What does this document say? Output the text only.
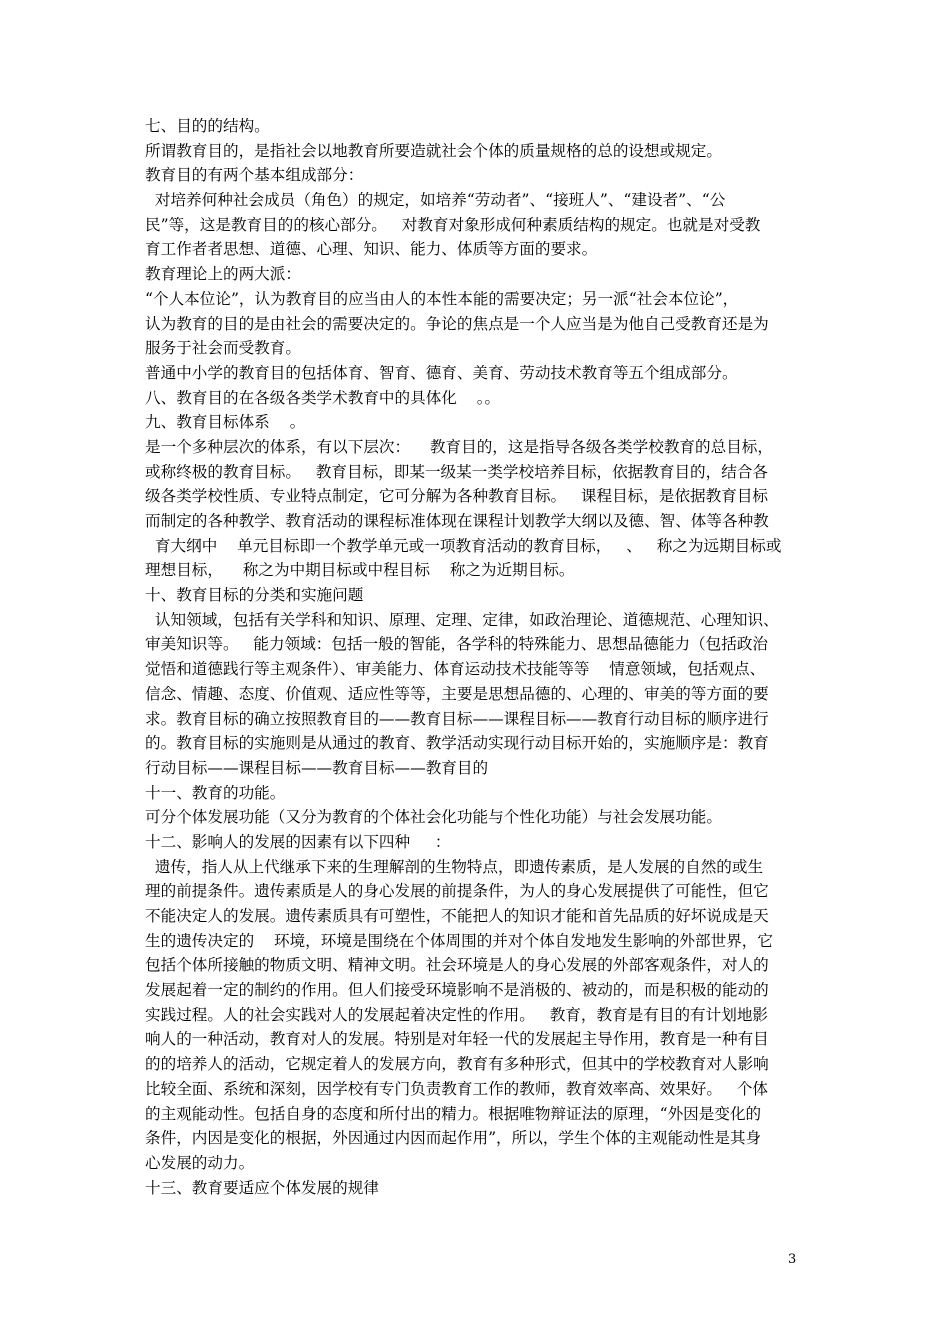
七、目的的结构。
所谓教育目的，是指社会以地教育所要造就社会个体的质量规格的总的设想或规定。
教育目的有两个基本组成部分：
对培养何种社会成员（角色）的规定，如培养“劳动者”、“接班人”、“建设者”、“公
民”等，这是教育目的的核心部分。   对教育对象形成何种素质结构的规定。也就是对受教
育工作者者思想、道德、心理、知识、能力、体质等方面的要求。
教育理论上的两大派：
“个人本位论”，认为教育目的应当由人的本性本能的需要决定；另一派“社会本位论”，
认为教育的目的是由社会的需要决定的。争论的焦点是一个人应当是为他自己受教育还是为
服务于社会而受教育。
普通中小学的教育目的包括体育、智育、德育、美育、劳动技术教育等五个组成部分。
八、教育目的在各级各类学术教育中的具体化    。。
九、教育目标体系    。
是一个多种层次的体系，有以下层次：    教育目的，这是指导各级各类学校教育的总目标，
或称终极的教育目标。   教育目标，即某一级某一类学校培养目标，依据教育目的，结合各
级各类学校性质、专业特点制定，它可分解为各种教育目标。   课程目标，是依据教育目标
而制定的各种教学、教育活动的课程标准体现在课程计划教学大纲以及德、智、体等各种教
育大纲中    单元目标即一个教学单元或一项教育活动的教育目标，   、   称之为远期目标或
理想目标，    称之为中期目标或中程目标    称之为近期目标。
十、教育目标的分类和实施问题
认知领域，包括有关学科和知识、原理、定理、定律，如政治理论、道德规范、心理知识、
审美知识等。   能力领域：包括一般的智能，各学科的特殊能力、思想品德能力（包括政治
觉悟和道德践行等主观条件）、审美能力、体育运动技术技能等等    情意领域，包括观点、
信念、情趣、态度、价值观、适应性等等，主要是思想品德的、心理的、审美的等方面的要
求。教育目标的确立按照教育目的——教育目标——课程目标——教育行动目标的顺序进行
的。教育目标的实施则是从通过的教育、教学活动实现行动目标开始的，实施顺序是：教育
行动目标——课程目标——教育目标——教育目的
十一、教育的功能。
可分个体发展功能（又分为教育的个体社会化功能与个性化功能）与社会发展功能。
十二、影响人的发展的因素有以下四种     ：
遗传，指人从上代继承下来的生理解剖的生物特点，即遗传素质，是人发展的自然的或生
理的前提条件。遗传素质是人的身心发展的前提条件，为人的身心发展提供了可能性，但它
不能决定人的发展。遗传素质具有可塑性，不能把人的知识才能和首先品质的好坏说成是天
生的遗传决定的    环境，环境是围绕在个体周围的并对个体自发地发生影响的外部世界，它
包括个体所接触的物质文明、精神文明。社会环境是人的身心发展的外部客观条件，对人的
发展起着一定的制约的作用。但人们接受环境影响不是消极的、被动的，而是积极的能动的
实践过程。人的社会实践对人的发展起着决定性的作用。   教育，教育是有目的有计划地影
响人的一种活动，教育对人的发展。特别是对年轻一代的发展起主导作用，教育是一种有目
的的培养人的活动，它规定着人的发展方向，教育有多种形式，但其中的学校教育对人影响
比较全面、系统和深刻，因学校有专门负责教育工作的教师，教育效率高、效果好。   个体
的主观能动性。包括自身的态度和所付出的精力。根据唯物辩证法的原理，“外因是变化的
条件，内因是变化的根据，外因通过内因而起作用”，所以，学生个体的主观能动性是其身
心发展的动力。
十三、教育要适应个体发展的规律
3
